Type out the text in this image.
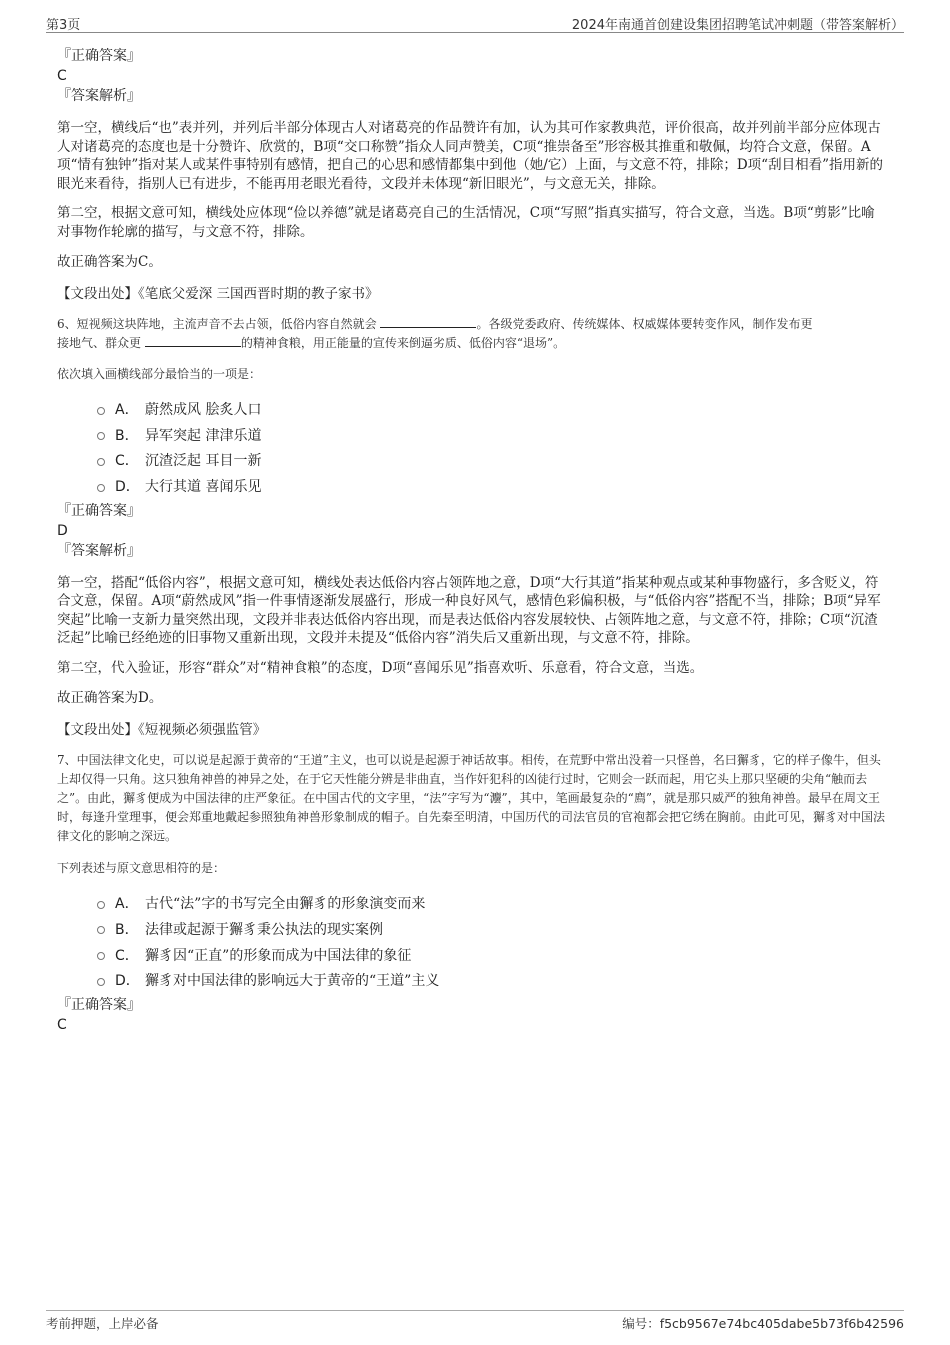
第3页	2024年南通首创建设集团招聘笔试冲刺题（带答案解析）

『正确答案』

C

『答案解析』

第一空，横线后“也”表并列，并列后半部分体现古人对诸葛亮的作品赞许有加，认为其可作家教典范，评价很高，故并列前半部分应体现古人对诸葛亮的态度也是十分赞许、欣赏的，B项“交口称赞”指众人同声赞美，C项“推崇备至”形容极其推重和敬佩，均符合文意，保留。A项“情有独钟”指对某人或某件事特别有感情，把自己的心思和感情都集中到他（她/它）上面，与文意不符，排除；D项“刮目相看”指用新的眼光来看待，指别人已有进步，不能再用老眼光看待，文段并未体现“新旧眼光”，与文意无关，排除。

第二空，根据文意可知，横线处应体现“俭以养德”就是诸葛亮自己的生活情况，C项“写照”指真实描写，符合文意，当选。B项“剪影”比喻对事物作轮廓的描写，与文意不符，排除。

故正确答案为C。

【文段出处】《笔底父爱深 三国西晋时期的教子家书》

6、短视频这块阵地，主流声音不去占领，低俗内容自然就会	。各级党委政府、传统媒体、权威媒体要转变作风，制作发布更
接地气、群众更	的精神食粮，用正能量的宣传来倒逼劣质、低俗内容“退场”。

依次填入画横线部分最恰当的一项是：

A． 蔚然成风 脍炙人口
B． 异军突起 津津乐道
C． 沉渣泛起 耳目一新
D． 大行其道 喜闻乐见

『正确答案』

D

『答案解析』

第一空，搭配“低俗内容”，根据文意可知，横线处表达低俗内容占领阵地之意，D项“大行其道”指某种观点或某种事物盛行，多含贬义，符合文意，保留。A项“蔚然成风”指一件事情逐渐发展盛行，形成一种良好风气，感情色彩偏积极，与“低俗内容”搭配不当，排除；B项“异军突起”比喻一支新力量突然出现，文段并非表达低俗内容出现，而是表达低俗内容发展较快、占领阵地之意，与文意不符，排除；C项“沉渣泛起”比喻已经绝迹的旧事物又重新出现，文段并未提及“低俗内容”消失后又重新出现，与文意不符，排除。

第二空，代入验证，形容“群众”对“精神食粮”的态度，D项“喜闻乐见”指喜欢听、乐意看，符合文意，当选。

故正确答案为D。

【文段出处】《短视频必须强监管》

7、中国法律文化史，可以说是起源于黄帝的“王道”主义，也可以说是起源于神话故事。相传，在荒野中常出没着一只怪兽，名曰獬豸，它的样子像牛，但头上却仅得一只角。这只独角神兽的神异之处，在于它天性能分辨是非曲直，当作奸犯科的凶徒行过时，它则会一跃而起，用它头上那只坚硬的尖角“触而去之”。由此，獬豸便成为中国法律的庄严象征。在中国古代的文字里，“法”字写为“灋”，其中，笔画最复杂的“廌”，就是那只威严的独角神兽。最早在周文王时，每逢升堂理事，便会郑重地戴起参照独角神兽形象制成的帽子。自先秦至明清，中国历代的司法官员的官袍都会把它绣在胸前。由此可见，獬豸对中国法律文化的影响之深远。

下列表述与原文意思相符的是：

A． 古代“法”字的书写完全由獬豸的形象演变而来
B． 法律或起源于獬豸秉公执法的现实案例
C． 獬豸因“正直”的形象而成为中国法律的象征
D． 獬豸对中国法律的影响远大于黄帝的“王道”主义

『正确答案』

C

考前押题，上岸必备	编号：f5cb9567e74bc405dabe5b73f6b42596
